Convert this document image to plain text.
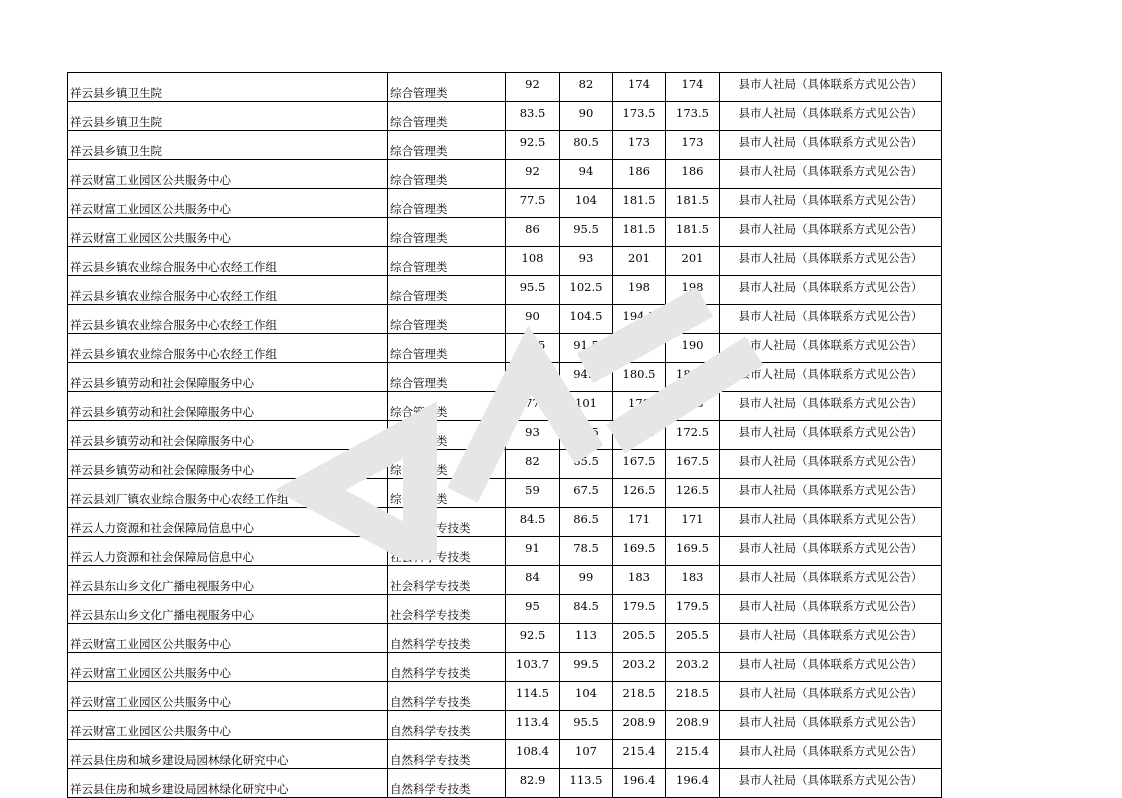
祥云县乡镇卫生院	综合管理类	92	82	174	174	县市人社局（具体联系方式见公告）
祥云县乡镇卫生院	综合管理类	83.5	90	173.5	173.5	县市人社局（具体联系方式见公告）
祥云县乡镇卫生院	综合管理类	92.5	80.5	173	173	县市人社局（具体联系方式见公告）
祥云财富工业园区公共服务中心	综合管理类	92	94	186	186	县市人社局（具体联系方式见公告）
祥云财富工业园区公共服务中心	综合管理类	77.5	104	181.5	181.5	县市人社局（具体联系方式见公告）
祥云财富工业园区公共服务中心	综合管理类	86	95.5	181.5	181.5	县市人社局（具体联系方式见公告）
祥云县乡镇农业综合服务中心农经工作组	综合管理类	108	93	201	201	县市人社局（具体联系方式见公告）
祥云县乡镇农业综合服务中心农经工作组	综合管理类	95.5	102.5	198	198	县市人社局（具体联系方式见公告）
祥云县乡镇农业综合服务中心农经工作组	综合管理类	90	104.5	194.5	194.5	县市人社局（具体联系方式见公告）
祥云县乡镇农业综合服务中心农经工作组	综合管理类	98.5	91.5	190	190	县市人社局（具体联系方式见公告）
祥云县乡镇劳动和社会保障服务中心	综合管理类	86	94.5	180.5	180.5	县市人社局（具体联系方式见公告）
祥云县乡镇劳动和社会保障服务中心	综合管理类	77	101	178	178	县市人社局（具体联系方式见公告）
祥云县乡镇劳动和社会保障服务中心	综合管理类	93	79.5	172.5	172.5	县市人社局（具体联系方式见公告）
祥云县乡镇劳动和社会保障服务中心	综合管理类	82	85.5	167.5	167.5	县市人社局（具体联系方式见公告）
祥云县刘厂镇农业综合服务中心农经工作组	综合管理类	59	67.5	126.5	126.5	县市人社局（具体联系方式见公告）
祥云人力资源和社会保障局信息中心	社会科学专技类	84.5	86.5	171	171	县市人社局（具体联系方式见公告）
祥云人力资源和社会保障局信息中心	社会科学专技类	91	78.5	169.5	169.5	县市人社局（具体联系方式见公告）
祥云县东山乡文化广播电视服务中心	社会科学专技类	84	99	183	183	县市人社局（具体联系方式见公告）
祥云县东山乡文化广播电视服务中心	社会科学专技类	95	84.5	179.5	179.5	县市人社局（具体联系方式见公告）
祥云财富工业园区公共服务中心	自然科学专技类	92.5	113	205.5	205.5	县市人社局（具体联系方式见公告）
祥云财富工业园区公共服务中心	自然科学专技类	103.7	99.5	203.2	203.2	县市人社局（具体联系方式见公告）
祥云财富工业园区公共服务中心	自然科学专技类	114.5	104	218.5	218.5	县市人社局（具体联系方式见公告）
祥云财富工业园区公共服务中心	自然科学专技类	113.4	95.5	208.9	208.9	县市人社局（具体联系方式见公告）
祥云县住房和城乡建设局园林绿化研究中心	自然科学专技类	108.4	107	215.4	215.4	县市人社局（具体联系方式见公告）
祥云县住房和城乡建设局园林绿化研究中心	自然科学专技类	82.9	113.5	196.4	196.4	县市人社局（具体联系方式见公告）
